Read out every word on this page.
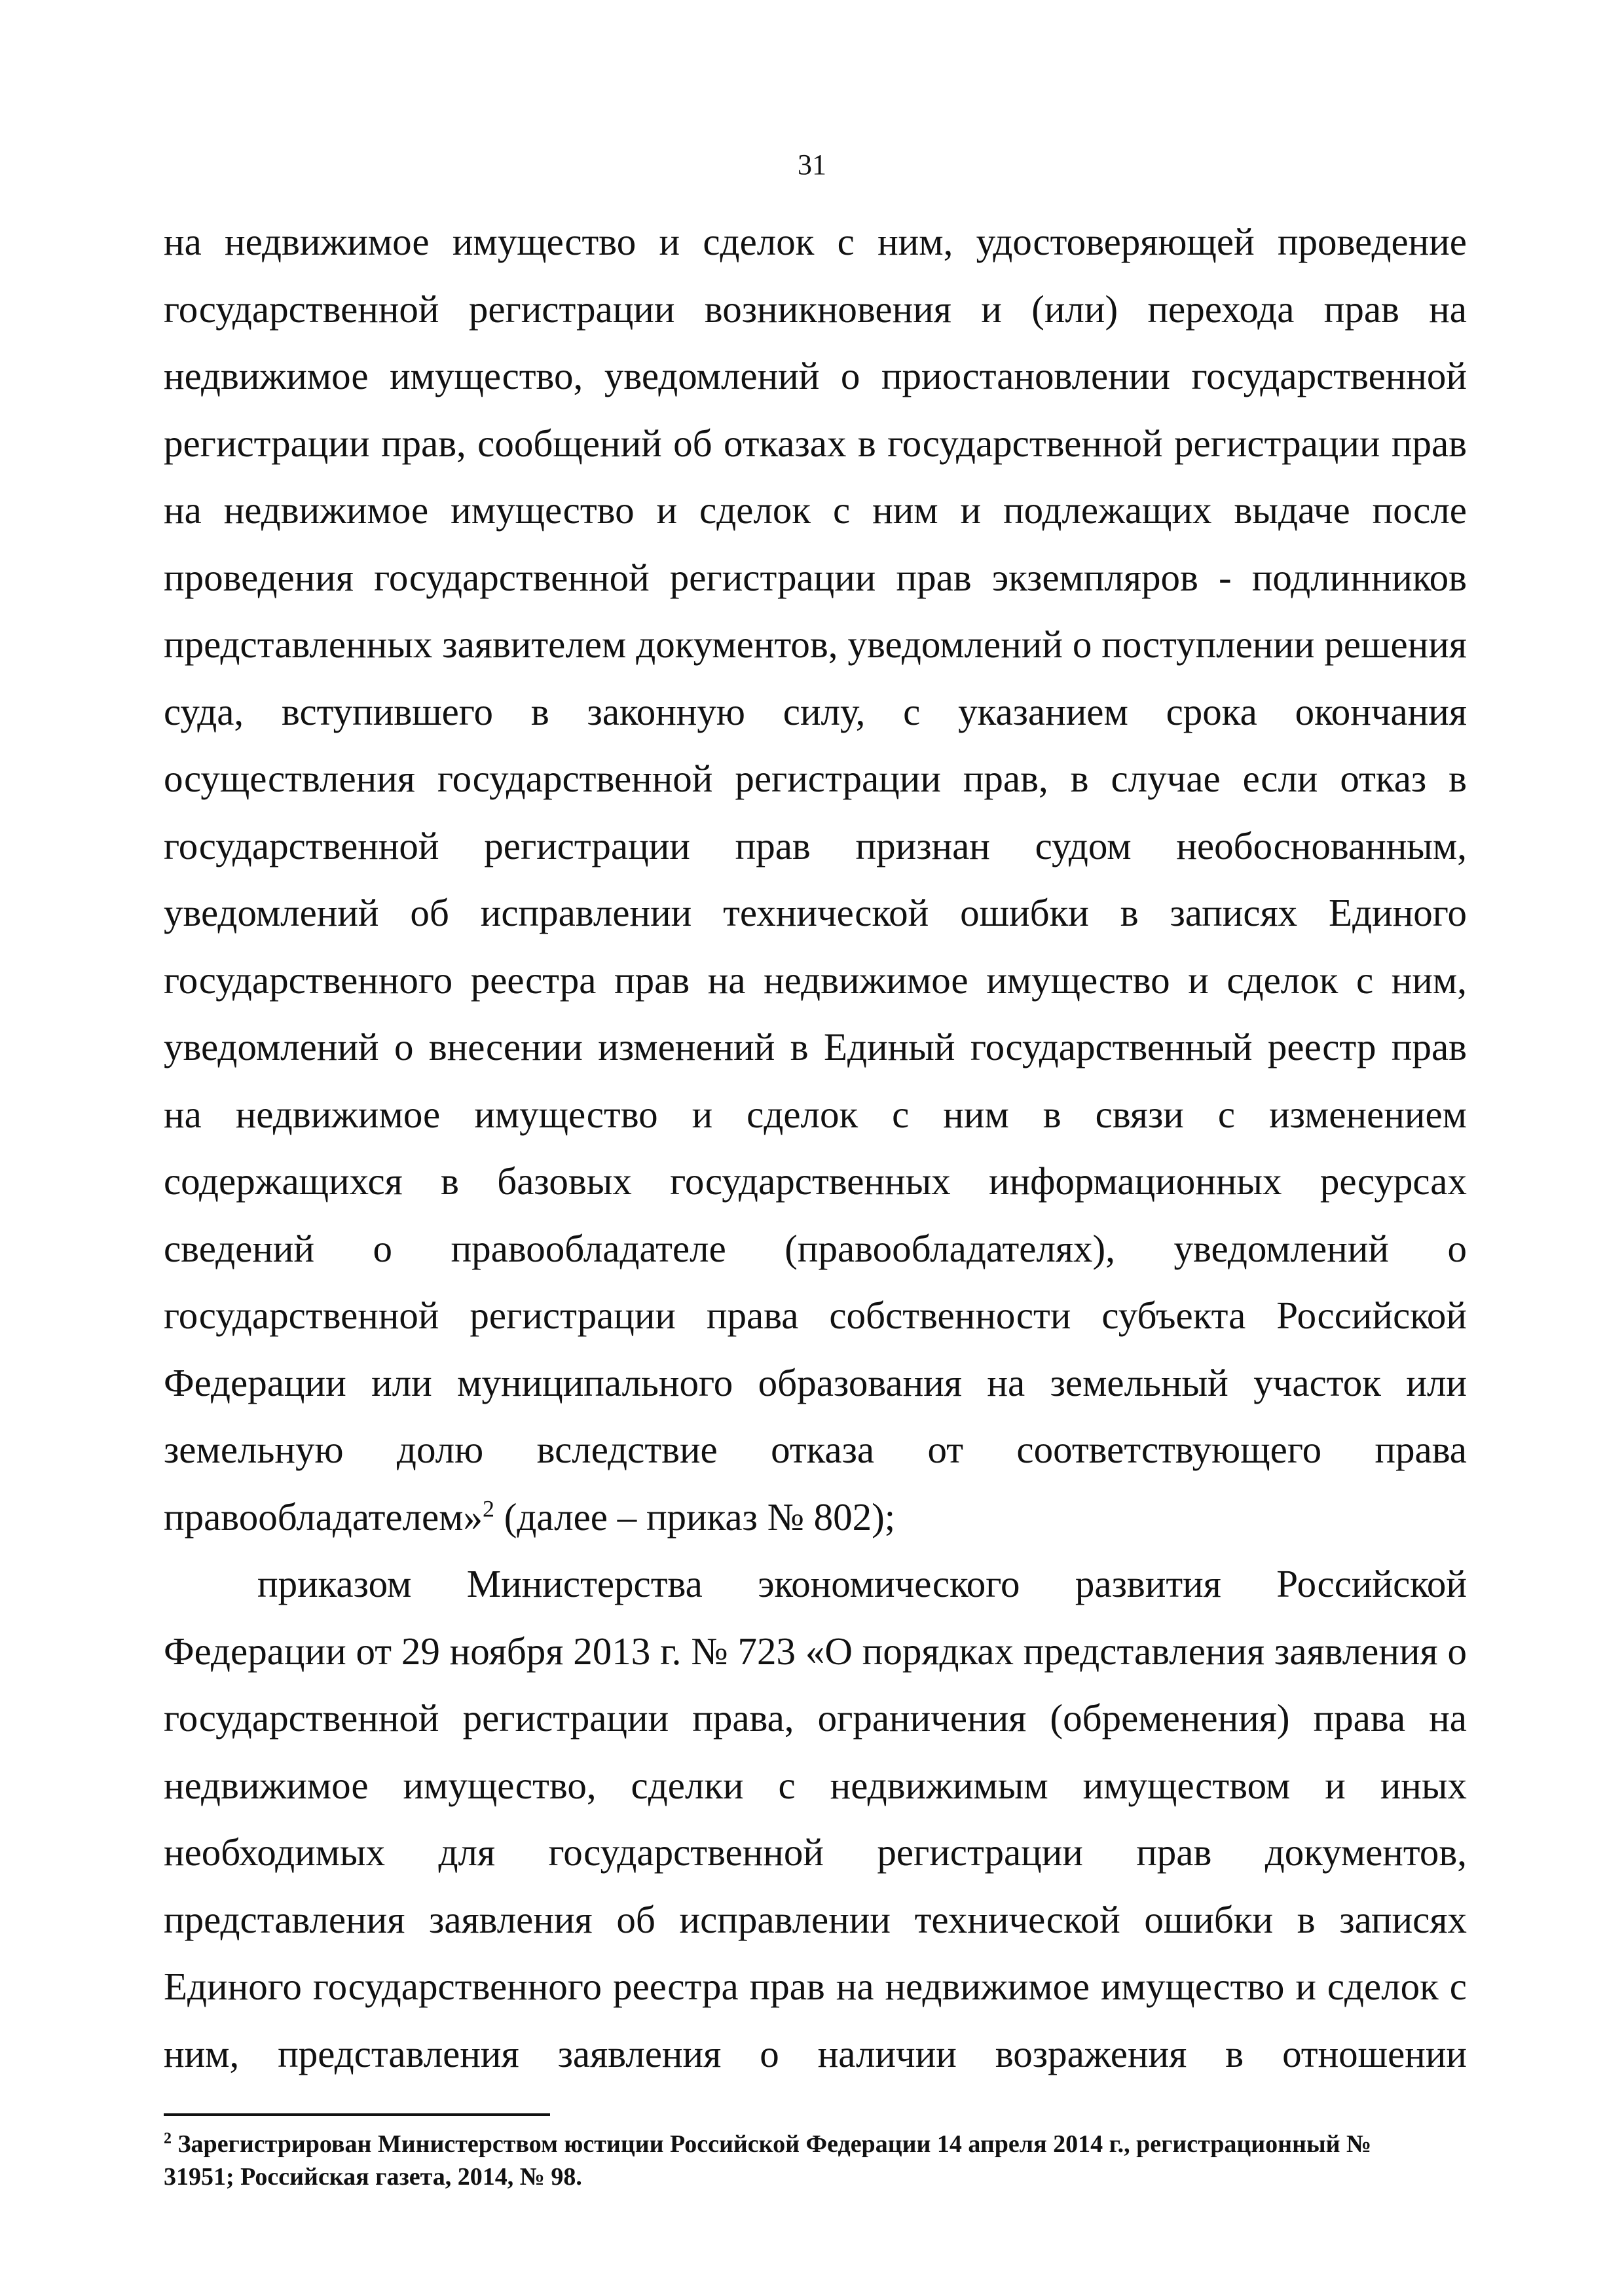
31

на недвижимое имущество и сделок с ним, удостоверяющей проведение государственной регистрации возникновения и (или) перехода прав на недвижимое имущество, уведомлений о приостановлении государственной регистрации прав, сообщений об отказах в государственной регистрации прав на недвижимое имущество и сделок с ним и подлежащих выдаче после проведения государственной регистрации прав экземпляров - подлинников представленных заявителем документов, уведомлений о поступлении решения суда, вступившего в законную силу, с указанием срока окончания осуществления государственной регистрации прав, в случае если отказ в государственной регистрации прав признан судом необоснованным, уведомлений об исправлении технической ошибки в записях Единого государственного реестра прав на недвижимое имущество и сделок с ним, уведомлений о внесении изменений в Единый государственный реестр прав на недвижимое имущество и сделок с ним в связи с изменением содержащихся в базовых государственных информационных ресурсах сведений о правообладателе (правообладателях), уведомлений о государственной регистрации права собственности субъекта Российской Федерации или муниципального образования на земельный участок или земельную долю вследствие отказа от соответствующего права правообладателем»$^2$ (далее – приказ № 802);

приказом Министерства экономического развития Российской Федерации от 29 ноября 2013 г. № 723 «О порядках представления заявления о государственной регистрации права, ограничения (обременения) права на недвижимое имущество, сделки с недвижимым имуществом и иных необходимых для государственной регистрации прав документов, представления заявления об исправлении технической ошибки в записях Единого государственного реестра прав на недвижимое имущество и сделок с ним, представления заявления о наличии возражения в отношении

$^2$ Зарегистрирован Министерством юстиции Российской Федерации 14 апреля 2014 г., регистрационный № 31951; Российская газета, 2014, № 98.
